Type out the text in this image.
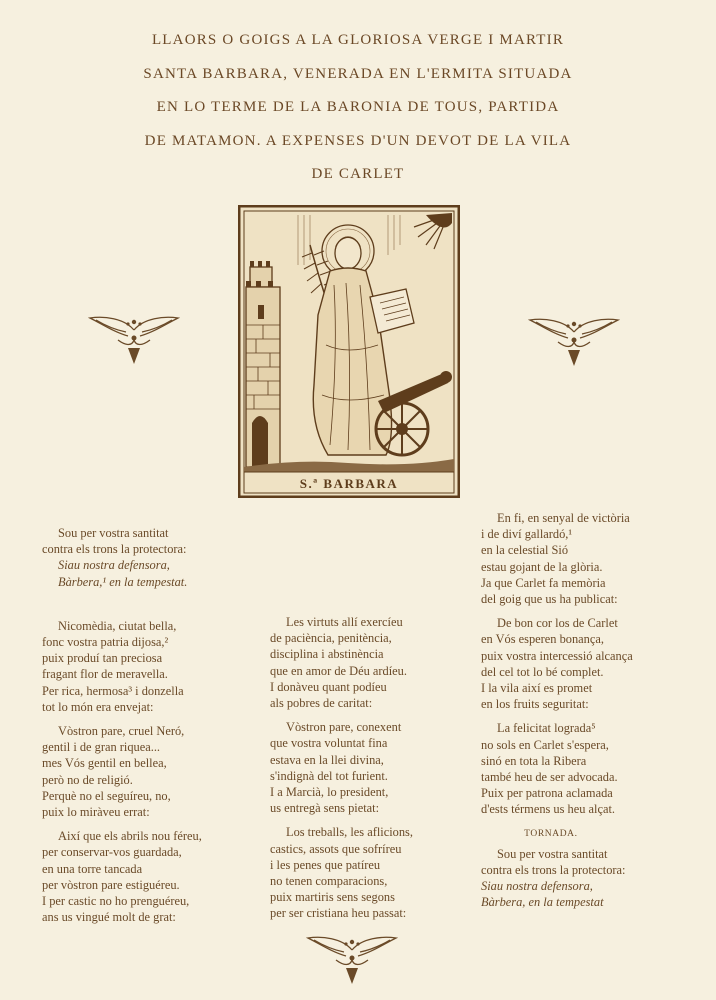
LLAORS O GOIGS A LA GLORIOSA VERGE I MARTIR
SANTA BARBARA, VENERADA EN L'ERMITA SITUADA
EN LO TERME DE LA BARONIA DE TOUS, PARTIDA
DE MATAMON. A EXPENSES D'UN DEVOT DE LA VILA
DE CARLET
S.ª BARBARA
Sou per vostra santitat
contra els trons la protectora:
Siau nostra defensora,
Bàrbera,¹ en la tempestat.
Nicomèdia, ciutat bella,
fonc vostra patria dijosa,²
puix produí tan preciosa
fragant flor de meravella.
Per rica, hermosa³ i donzella
tot lo món era envejat:
Vòstron pare, cruel Neró,
gentil i de gran riquea...
mes Vós gentil en bellea,
però no de religió.
Perquè no el seguíreu, no,
puix lo miràveu errat:
Així que els abrils nou féreu,
per conservar-vos guardada,
en una torre tancada
per vòstron pare estiguéreu.
I per castic no ho prenguéreu,
ans us vingué molt de grat:
Les virtuts allí exercíeu
de paciència, penitència,
disciplina i abstinència
que en amor de Déu ardíeu.
I donàveu quant podíeu
als pobres de caritat:
Vòstron pare, conexent
que vostra voluntat fina
estava en la llei divina,
s'indignà del tot furient.
I a Marcià, lo president,
us entregà sens pietat:
Los treballs, les aflicions,
castics, assots que sofríreu
i les penes que patíreu
no tenen comparacions,
puix martiris sens segons
per ser cristiana heu passat:
En fi, en senyal de victòria
i de diví gallardó,¹
en la celestial Sió
estau gojant de la glòria.
Ja que Carlet fa memòria
del goig que us ha publicat:
De bon cor los de Carlet
en Vós esperen bonança,
puix vostra intercessió alcança
del cel tot lo bé complet.
I la vila així es promet
en los fruits seguritat:
La felicitat lograda⁵
no sols en Carlet s'espera,
sinó en tota la Ribera
també heu de ser advocada.
Puix per patrona aclamada
d'ests térmens us heu alçat.
TORNADA.
Sou per vostra santitat
contra els trons la protectora:
Siau nostra defensora,
Bàrbera, en la tempestat
